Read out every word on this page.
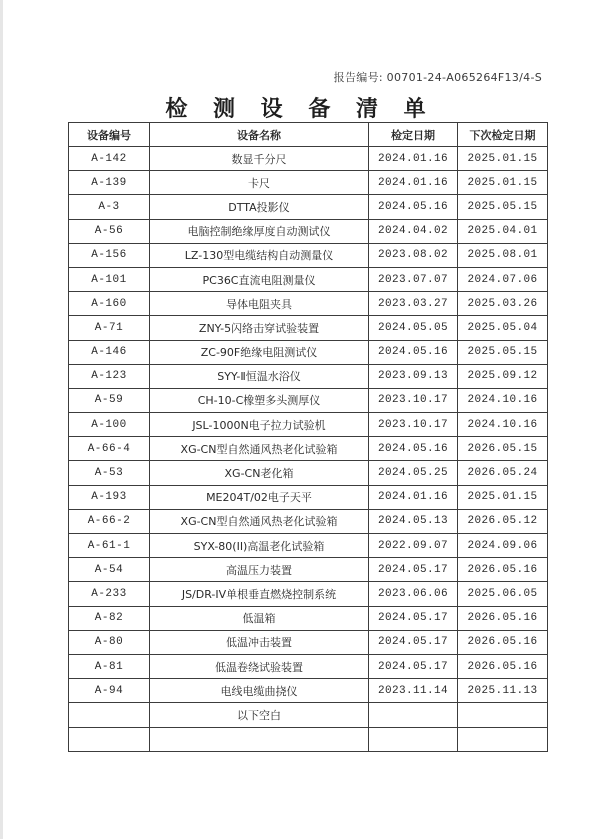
报告编号: 00701-24-A065264F13/4-S
检 测 设 备 清 单
设备编号	设备名称	检定日期	下次检定日期
A-142	数显千分尺	2024.01.16	2025.01.15
A-139	卡尺	2024.01.16	2025.01.15
A-3	DTTA投影仪	2024.05.16	2025.05.15
A-56	电脑控制绝缘厚度自动测试仪	2024.04.02	2025.04.01
A-156	LZ-130型电缆结构自动测量仪	2023.08.02	2025.08.01
A-101	PC36C直流电阻测量仪	2023.07.07	2024.07.06
A-160	导体电阻夹具	2023.03.27	2025.03.26
A-71	ZNY-5闪络击穿试验装置	2024.05.05	2025.05.04
A-146	ZC-90F绝缘电阻测试仪	2024.05.16	2025.05.15
A-123	SYY-Ⅱ恒温水浴仪	2023.09.13	2025.09.12
A-59	CH-10-C橡塑多头测厚仪	2023.10.17	2024.10.16
A-100	JSL-1000N电子拉力试验机	2023.10.17	2024.10.16
A-66-4	XG-CN型自然通风热老化试验箱	2024.05.16	2026.05.15
A-53	XG-CN老化箱	2024.05.25	2026.05.24
A-193	ME204T/02电子天平	2024.01.16	2025.01.15
A-66-2	XG-CN型自然通风热老化试验箱	2024.05.13	2026.05.12
A-61-1	SYX-80(II)高温老化试验箱	2022.09.07	2024.09.06
A-54	高温压力装置	2024.05.17	2026.05.16
A-233	JS/DR-IV单根垂直燃烧控制系统	2023.06.06	2025.06.05
A-82	低温箱	2024.05.17	2026.05.16
A-80	低温冲击装置	2024.05.17	2026.05.16
A-81	低温卷绕试验装置	2024.05.17	2026.05.16
A-94	电线电缆曲挠仪	2023.11.14	2025.11.13
	以下空白		
